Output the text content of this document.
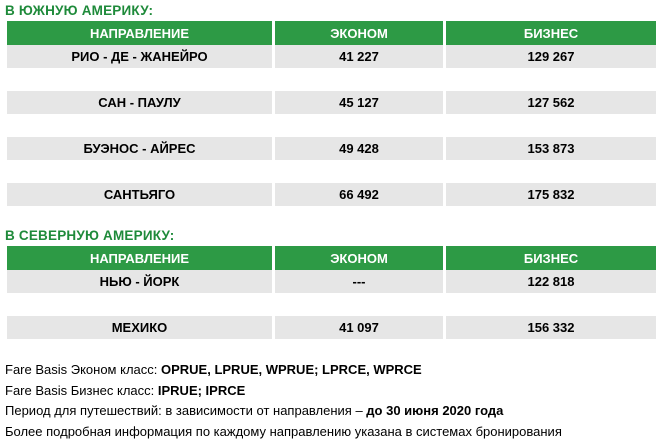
В ЮЖНУЮ АМЕРИКУ:
НАПРАВЛЕНИЕ	ЭКОНОМ	БИЗНЕС
РИО - ДЕ - ЖАНЕЙРО	41 227	129 267

САН - ПАУЛУ	45 127	127 562

БУЭНОС - АЙРЕС	49 428	153 873

САНТЬЯГО	66 492	175 832
В СЕВЕРНУЮ АМЕРИКУ:
НАПРАВЛЕНИЕ	ЭКОНОМ	БИЗНЕС
НЬЮ - ЙОРК	---	122 818

МЕХИКО	41 097	156 332
Fare Basis Эконом класс: OPRUE, LPRUE, WPRUE; LPRCE, WPRCE
Fare Basis Бизнес класс: IPRUE; IPRCE
Период для путешествий: в зависимости от направления – до 30 июня 2020 года
Более подробная информация по каждому направлению указана в системах бронирования
